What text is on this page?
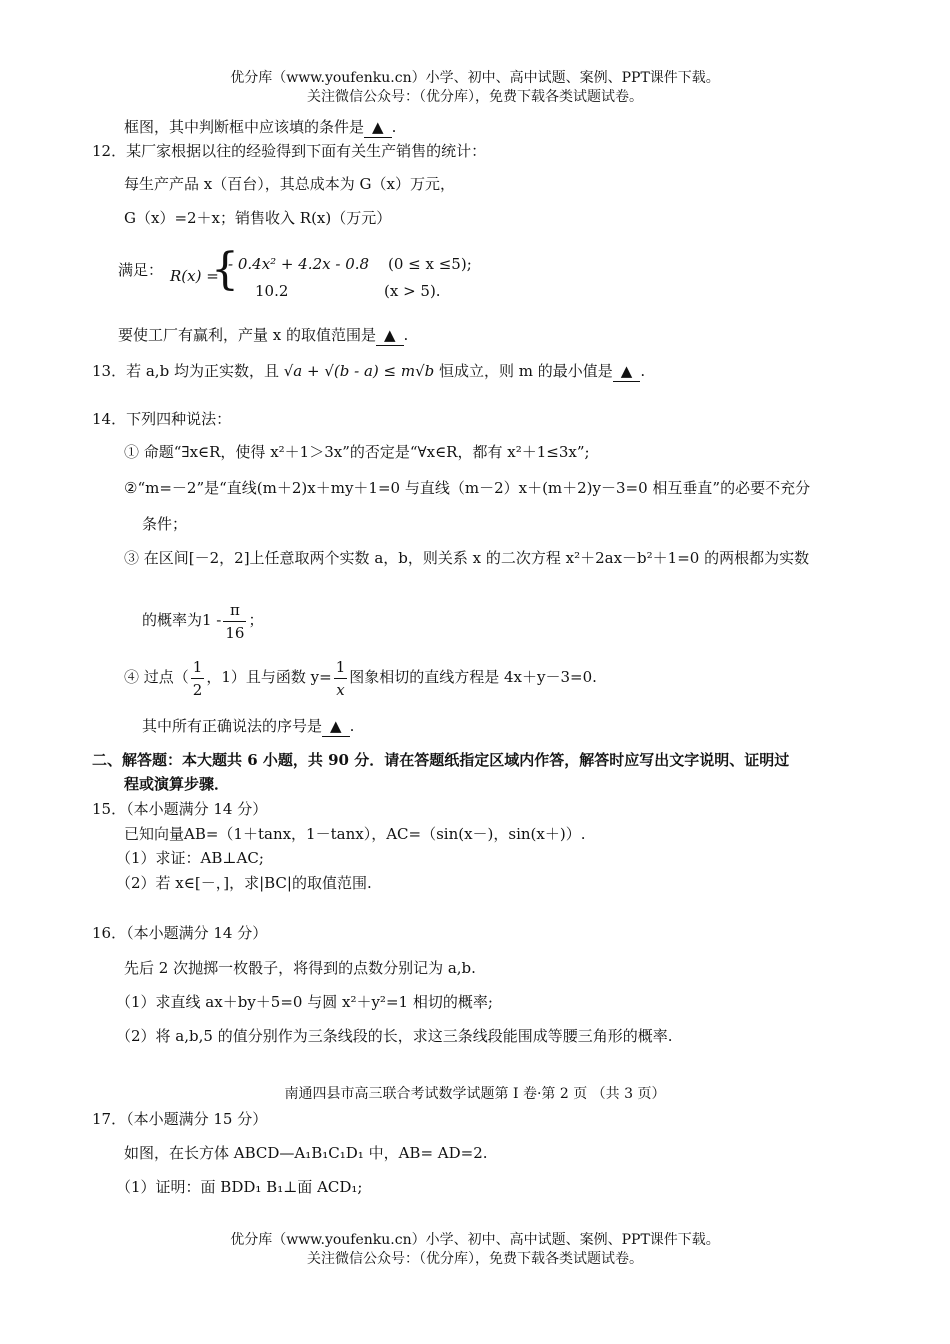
优分库（www.youfenku.cn）小学、初中、高中试题、案例、PPT课件下载。
关注微信公众号：（优分库），免费下载各类试题试卷。
框图，其中判断框中应该填的条件是 ▲ .
12．某厂家根据以往的经验得到下面有关生产销售的统计：
每生产产品 x（百台），其总成本为 G（x）万元，
G（x）=2＋x；销售收入 R(x)（万元）
满足： R(x) =
{
- 0.4x² + 4.2x - 0.8 (0 ≤ x ≤5);
10.2	(x > 5).
要使工厂有赢利，产量 x 的取值范围是 ▲ .
13．若 a,b 均为正实数，且 √a + √(b - a) ≤ m√b 恒成立，则 m 的最小值是 ▲ .
14．下列四种说法：
① 命题“∃x∈R，使得 x²＋1＞3x”的否定是“∀x∈R，都有 x²＋1≤3x”;
②“m=－2”是“直线(m＋2)x＋my＋1=0 与直线（m－2）x＋(m＋2)y－3=0 相互垂直”的必要不充分
条件；
③ 在区间[－2，2]上任意取两个实数 a，b，则关系 x 的二次方程 x²＋2ax－b²＋1=0 的两根都为实数
的概率为$1 - \frac{\pi}{16}$ ；
④ 过点（ $\frac{1}{2}$ ，1）且与函数 $y= \frac{1}{x}$ 图象相切的直线方程是 4x＋y－3=0.
其中所有正确说法的序号是 ▲ .
二、解答题：本大题共 6 小题，共 90 分．请在答题纸指定区域内作答，解答时应写出文字说明、证明过
程或演算步骤．
15．（本小题满分 14 分）
已知向量AB=（1＋tanx，1－tanx），AC=（sin(x－)，sin(x＋)）.
（1）求证：AB⊥AC;
（2）若 x∈[－，]，求|BC|的取值范围.
16．（本小题满分 14 分）
先后 2 次抛掷一枚骰子，将得到的点数分别记为 a,b.
（1）求直线 ax＋by＋5=0 与圆 x²＋y²=1 相切的概率;
（2）将 a,b,5 的值分别作为三条线段的长，求这三条线段能围成等腰三角形的概率.
南通四县市高三联合考试数学试题第 I 卷·第 2 页 （共 3 页）
17．（本小题满分 15 分）
如图，在长方体 ABCD—A₁B₁C₁D₁ 中，AB= AD=2.
（1）证明：面 BDD₁ B₁⊥面 ACD₁;
优分库（www.youfenku.cn）小学、初中、高中试题、案例、PPT课件下载。
关注微信公众号：（优分库），免费下载各类试题试卷。
